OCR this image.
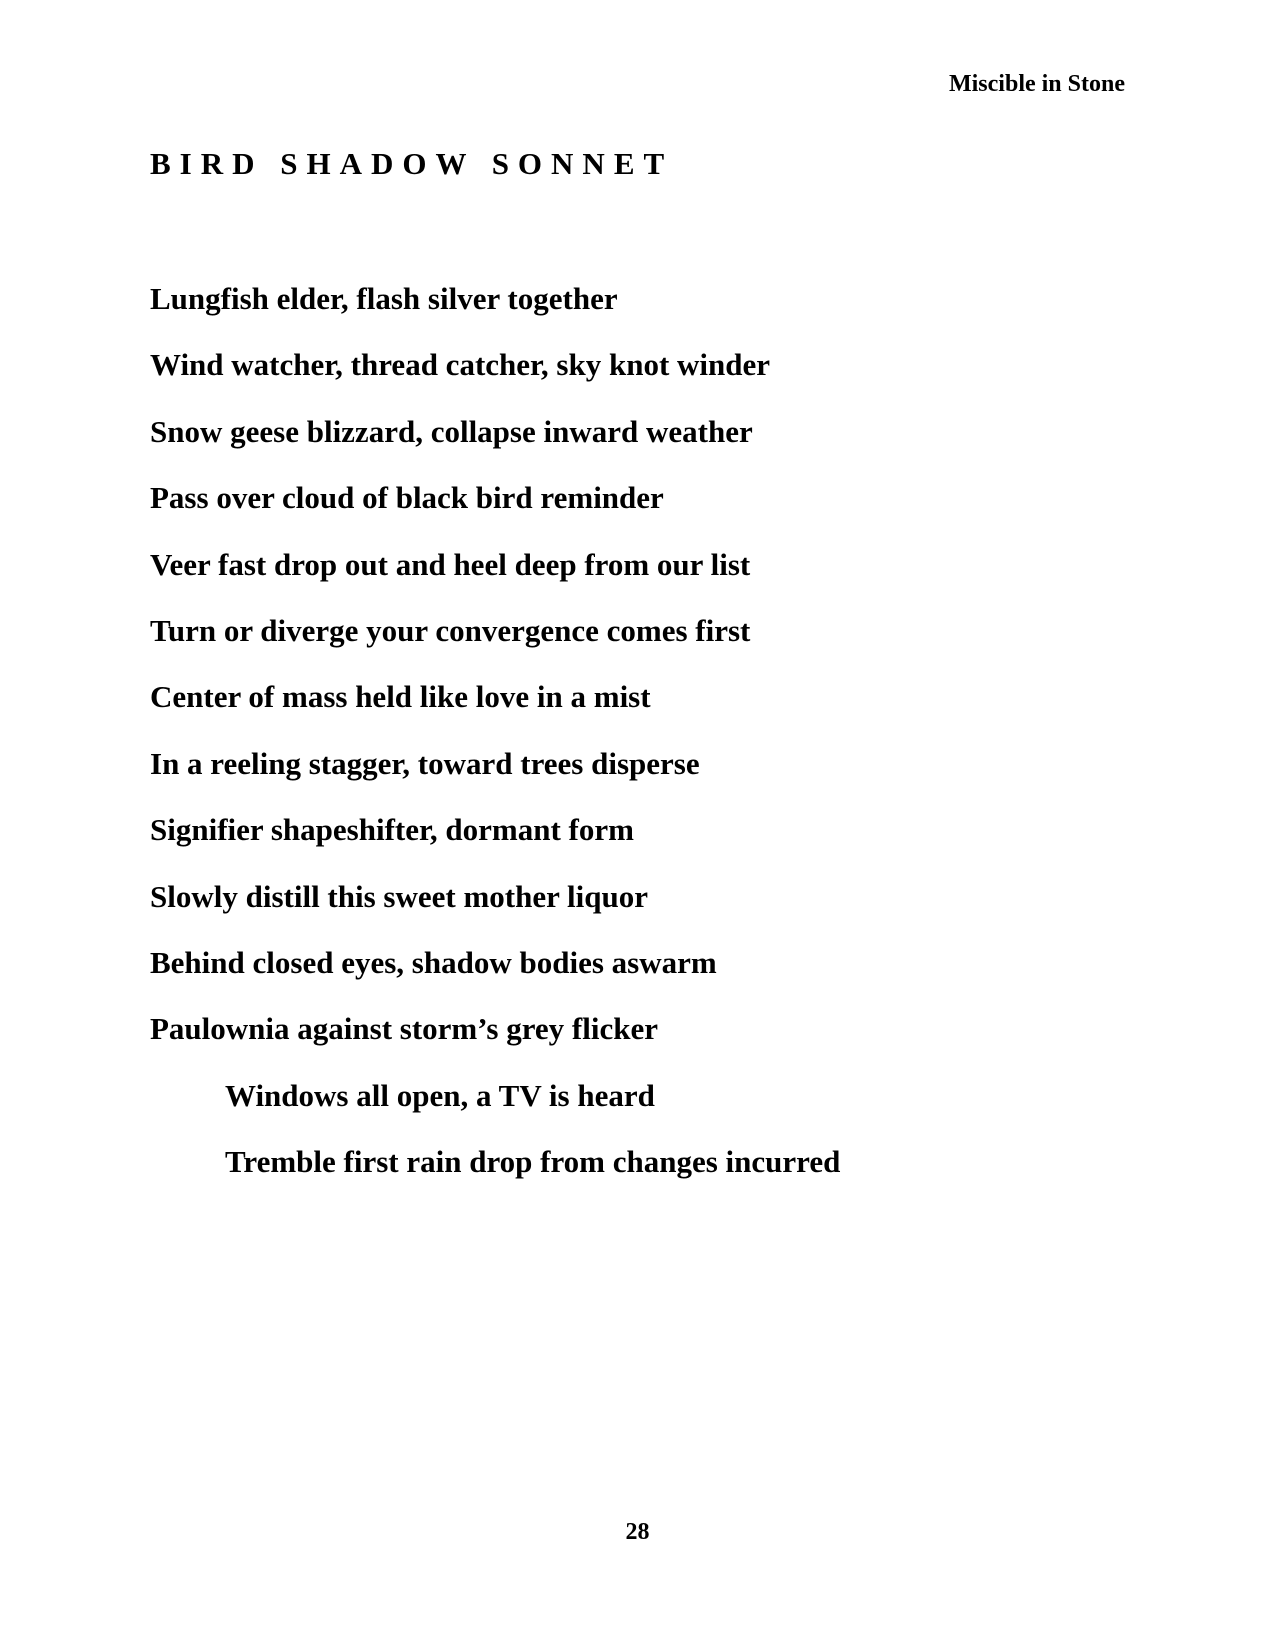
Miscible in Stone
BIRD SHADOW SONNET
Lungfish elder, flash silver together
Wind watcher, thread catcher, sky knot winder
Snow geese blizzard, collapse inward weather
Pass over cloud of black bird reminder
Veer fast drop out and heel deep from our list
Turn or diverge your convergence comes first
Center of mass held like love in a mist
In a reeling stagger, toward trees disperse
Signifier shapeshifter, dormant form
Slowly distill this sweet mother liquor
Behind closed eyes, shadow bodies aswarm
Paulownia against storm’s grey flicker
Windows all open, a TV is heard
Tremble first rain drop from changes incurred
28
